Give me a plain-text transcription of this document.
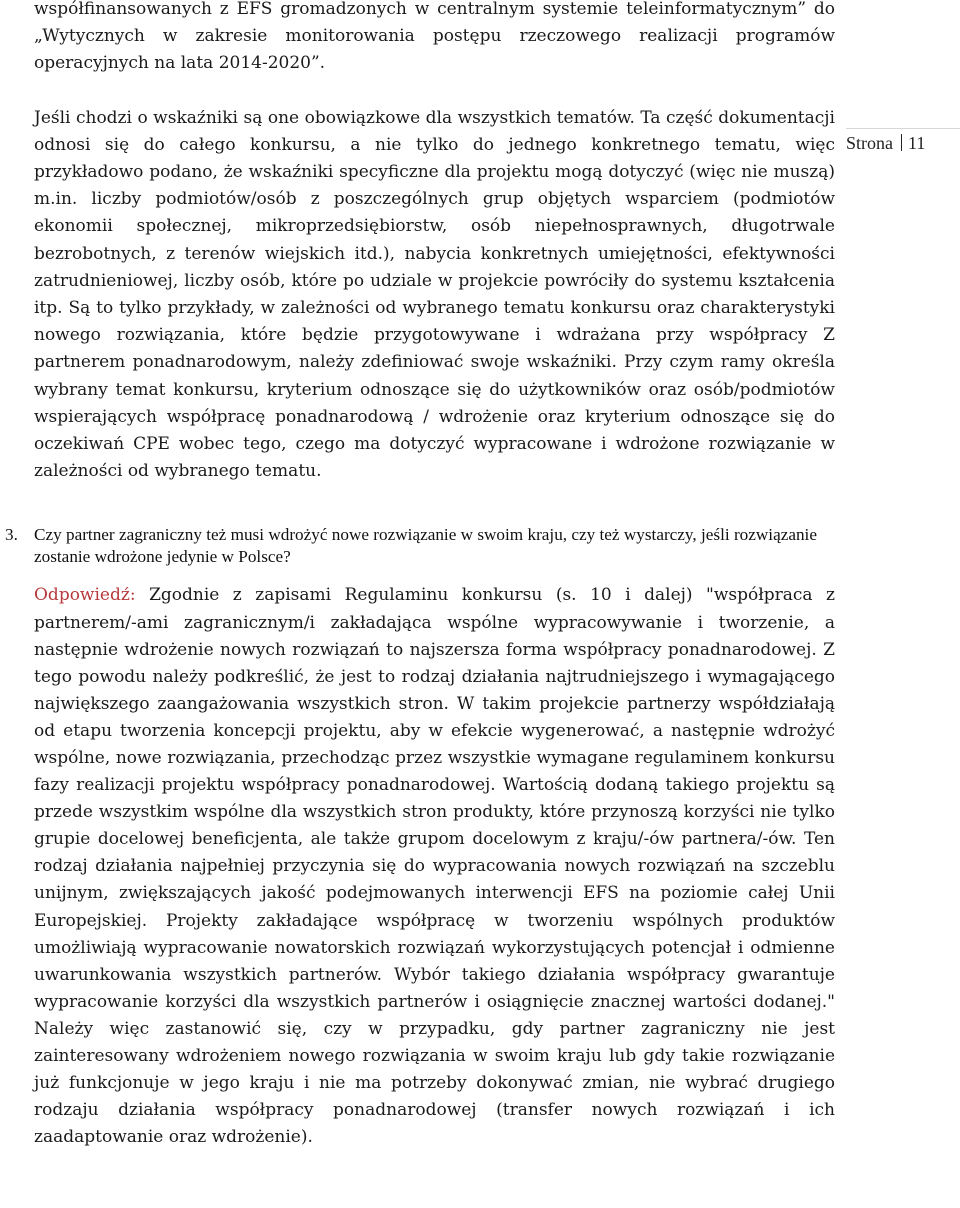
Strona 11

współfinansowanych z EFS gromadzonych w centralnym systemie teleinformatycznym” do „Wytycznych w zakresie monitorowania postępu rzeczowego realizacji programów operacyjnych na lata 2014-2020”.

Jeśli chodzi o wskaźniki są one obowiązkowe dla wszystkich tematów. Ta część dokumentacji odnosi się do całego konkursu, a nie tylko do jednego konkretnego tematu, więc przykładowo podano, że wskaźniki specyficzne dla projektu mogą dotyczyć (więc nie muszą) m.in. liczby podmiotów/osób z poszczególnych grup objętych wsparciem (podmiotów ekonomii społecznej, mikroprzedsiębiorstw, osób niepełnosprawnych, długotrwale bezrobotnych, z terenów wiejskich itd.), nabycia konkretnych umiejętności, efektywności zatrudnieniowej, liczby osób, które po udziale w projekcie powróciły do systemu kształcenia itp. Są to tylko przykłady, w zależności od wybranego tematu konkursu oraz charakterystyki nowego rozwiązania, które będzie przygotowywane i wdrażana przy współpracy Z partnerem ponadnarodowym, należy zdefiniować swoje wskaźniki. Przy czym ramy określa wybrany temat konkursu, kryterium odnoszące się do użytkowników oraz osób/podmiotów wspierających współpracę ponadnarodową / wdrożenie oraz kryterium odnoszące się do oczekiwań CPE wobec tego, czego ma dotyczyć wypracowane i wdrożone rozwiązanie w zależności od wybranego tematu.

3. Czy partner zagraniczny też musi wdrożyć nowe rozwiązanie w swoim kraju, czy też wystarczy, jeśli rozwiązanie zostanie wdrożone jedynie w Polsce?

Odpowiedź: Zgodnie z zapisami Regulaminu konkursu (s. 10 i dalej) "współpraca z partnerem/-ami zagranicznym/i zakładająca wspólne wypracowywanie i tworzenie, a następnie wdrożenie nowych rozwiązań to najszersza forma współpracy ponadnarodowej. Z tego powodu należy podkreślić, że jest to rodzaj działania najtrudniejszego i wymagającego największego zaangażowania wszystkich stron. W takim projekcie partnerzy współdziałają od etapu tworzenia koncepcji projektu, aby w efekcie wygenerować, a następnie wdrożyć wspólne, nowe rozwiązania, przechodząc przez wszystkie wymagane regulaminem konkursu fazy realizacji projektu współpracy ponadnarodowej. Wartością dodaną takiego projektu są przede wszystkim wspólne dla wszystkich stron produkty, które przynoszą korzyści nie tylko grupie docelowej beneficjenta, ale także grupom docelowym z kraju/-ów partnera/-ów. Ten rodzaj działania najpełniej przyczynia się do wypracowania nowych rozwiązań na szczeblu unijnym, zwiększających jakość podejmowanych interwencji EFS na poziomie całej Unii Europejskiej. Projekty zakładające współpracę w tworzeniu wspólnych produktów umożliwiają wypracowanie nowatorskich rozwiązań wykorzystujących potencjał i odmienne uwarunkowania wszystkich partnerów. Wybór takiego działania współpracy gwarantuje wypracowanie korzyści dla wszystkich partnerów i osiągnięcie znacznej wartości dodanej." Należy więc zastanowić się, czy w przypadku, gdy partner zagraniczny nie jest zainteresowany wdrożeniem nowego rozwiązania w swoim kraju lub gdy takie rozwiązanie już funkcjonuje w jego kraju i nie ma potrzeby dokonywać zmian, nie wybrać drugiego rodzaju działania współpracy ponadnarodowej (transfer nowych rozwiązań i ich zaadaptowanie oraz wdrożenie).
